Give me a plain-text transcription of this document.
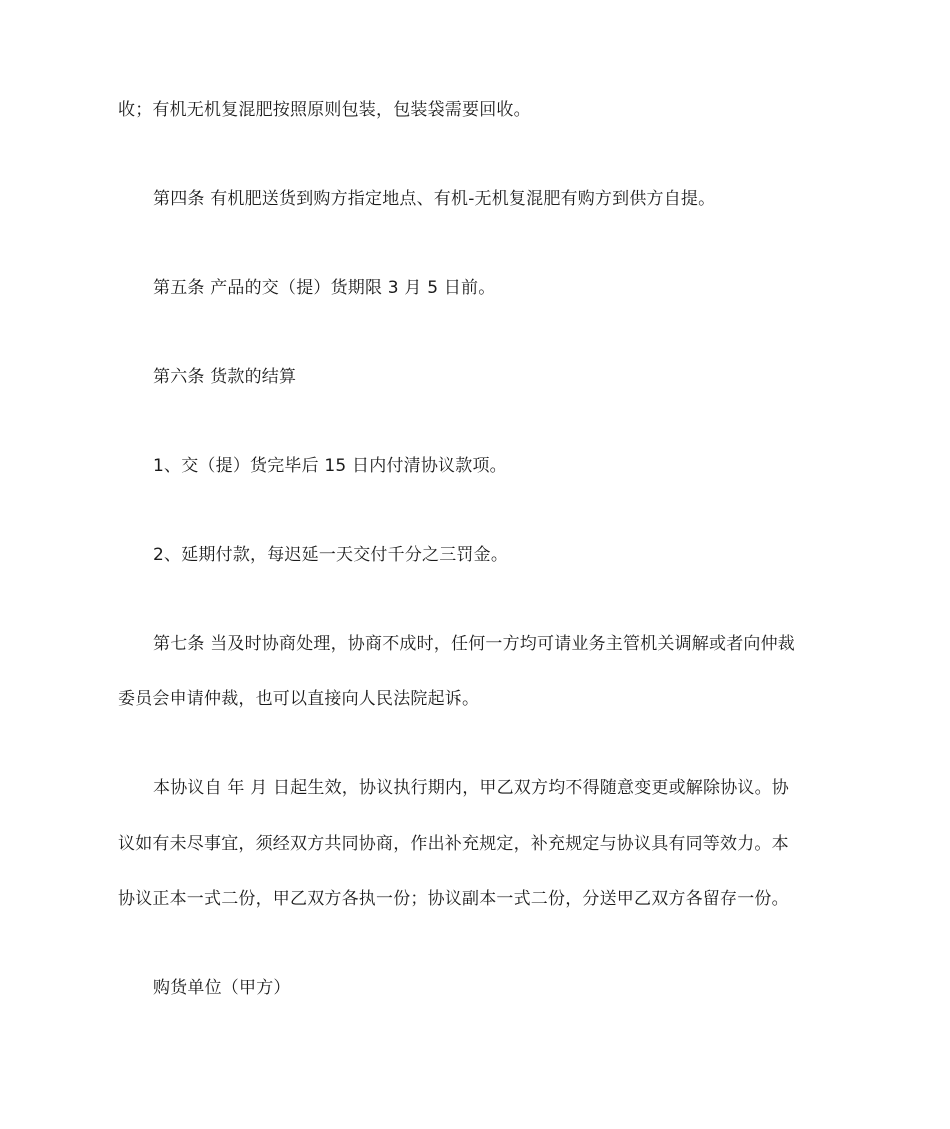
收；有机无机复混肥按照原则包装，包装袋需要回收。
第四条 有机肥送货到购方指定地点、有机-无机复混肥有购方到供方自提。
第五条 产品的交（提）货期限 3 月 5 日前。
第六条 货款的结算
1、交（提）货完毕后 15 日内付清协议款项。
2、延期付款，每迟延一天交付千分之三罚金。
第七条 当及时协商处理，协商不成时，任何一方均可请业务主管机关调解或者向仲裁
委员会申请仲裁，也可以直接向人民法院起诉。
本协议自 年 月 日起生效，协议执行期内，甲乙双方均不得随意变更或解除协议。协
议如有未尽事宜，须经双方共同协商，作出补充规定，补充规定与协议具有同等效力。本
协议正本一式二份，甲乙双方各执一份；协议副本一式二份，分送甲乙双方各留存一份。
购货单位（甲方）
